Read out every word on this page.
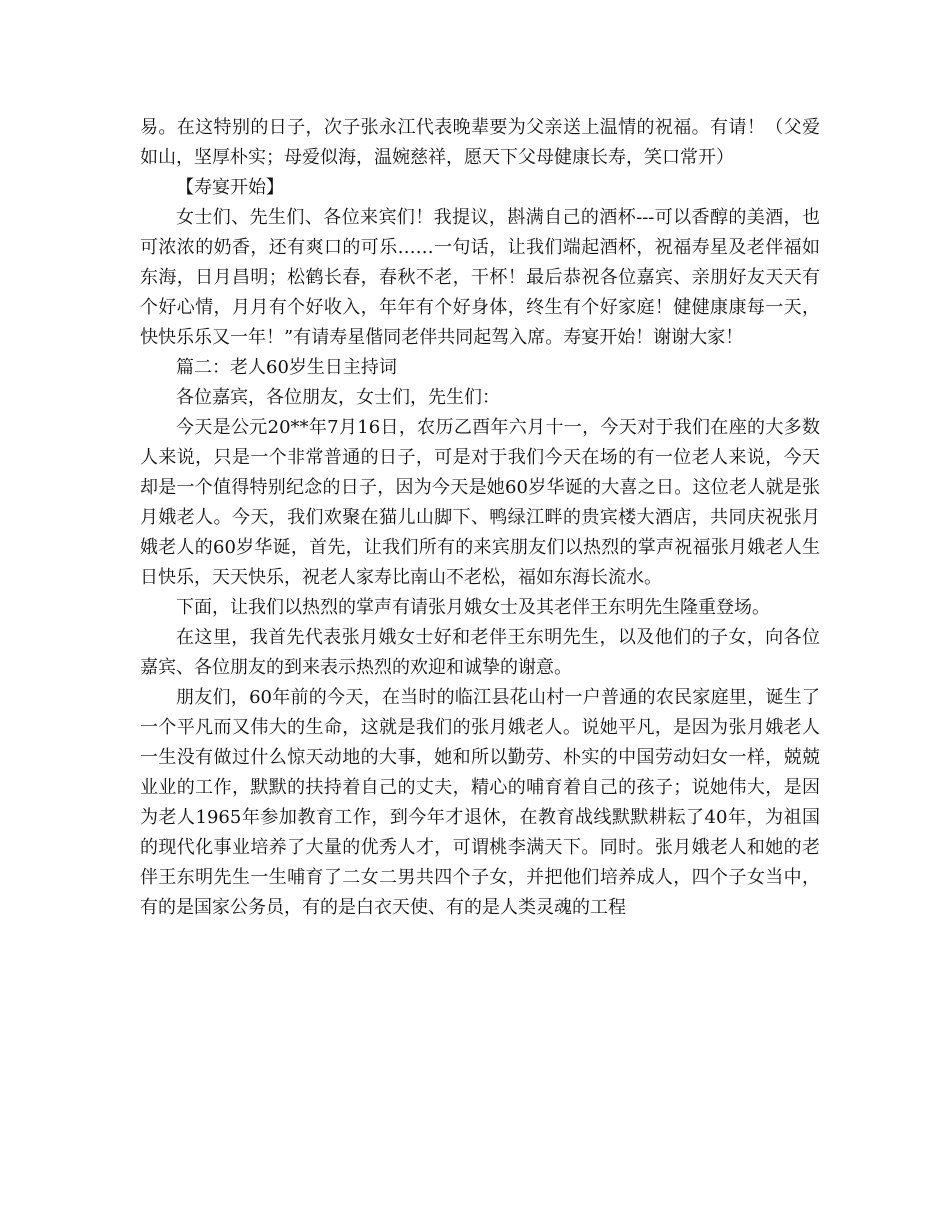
易。在这特别的日子，次子张永江代表晚辈要为父亲送上温情的祝福。有请！（父爱如山，坚厚朴实；母爱似海，温婉慈祥，愿天下父母健康长寿，笑口常开）

【寿宴开始】

女士们、先生们、各位来宾们！我提议，斟满自己的酒杯---可以香醇的美酒，也可浓浓的奶香，还有爽口的可乐……一句话，让我们端起酒杯，祝福寿星及老伴福如东海，日月昌明；松鹤长春，春秋不老，干杯！最后恭祝各位嘉宾、亲朋好友天天有个好心情，月月有个好收入，年年有个好身体，终生有个好家庭！健健康康每一天，快快乐乐又一年！”有请寿星偕同老伴共同起驾入席。寿宴开始！谢谢大家！

篇二：老人60岁生日主持词

各位嘉宾，各位朋友，女士们，先生们：

今天是公元20**年7月16日，农历乙酉年六月十一，今天对于我们在座的大多数人来说，只是一个非常普通的日子，可是对于我们今天在场的有一位老人来说，今天却是一个值得特别纪念的日子，因为今天是她60岁华诞的大喜之日。这位老人就是张月娥老人。今天，我们欢聚在猫儿山脚下、鸭绿江畔的贵宾楼大酒店，共同庆祝张月娥老人的60岁华诞，首先，让我们所有的来宾朋友们以热烈的掌声祝福张月娥老人生日快乐，天天快乐，祝老人家寿比南山不老松，福如东海长流水。

下面，让我们以热烈的掌声有请张月娥女士及其老伴王东明先生隆重登场。

在这里，我首先代表张月娥女士好和老伴王东明先生，以及他们的子女，向各位嘉宾、各位朋友的到来表示热烈的欢迎和诚挚的谢意。

朋友们，60年前的今天，在当时的临江县花山村一户普通的农民家庭里，诞生了一个平凡而又伟大的生命，这就是我们的张月娥老人。说她平凡，是因为张月娥老人一生没有做过什么惊天动地的大事，她和所以勤劳、朴实的中国劳动妇女一样，兢兢业业的工作，默默的扶持着自己的丈夫，精心的哺育着自己的孩子；说她伟大，是因为老人1965年参加教育工作，到今年才退休，在教育战线默默耕耘了40年，为祖国的现代化事业培养了大量的优秀人才，可谓桃李满天下。同时。张月娥老人和她的老伴王东明先生一生哺育了二女二男共四个子女，并把他们培养成人，四个子女当中，有的是国家公务员，有的是白衣天使、有的是人类灵魂的工程
